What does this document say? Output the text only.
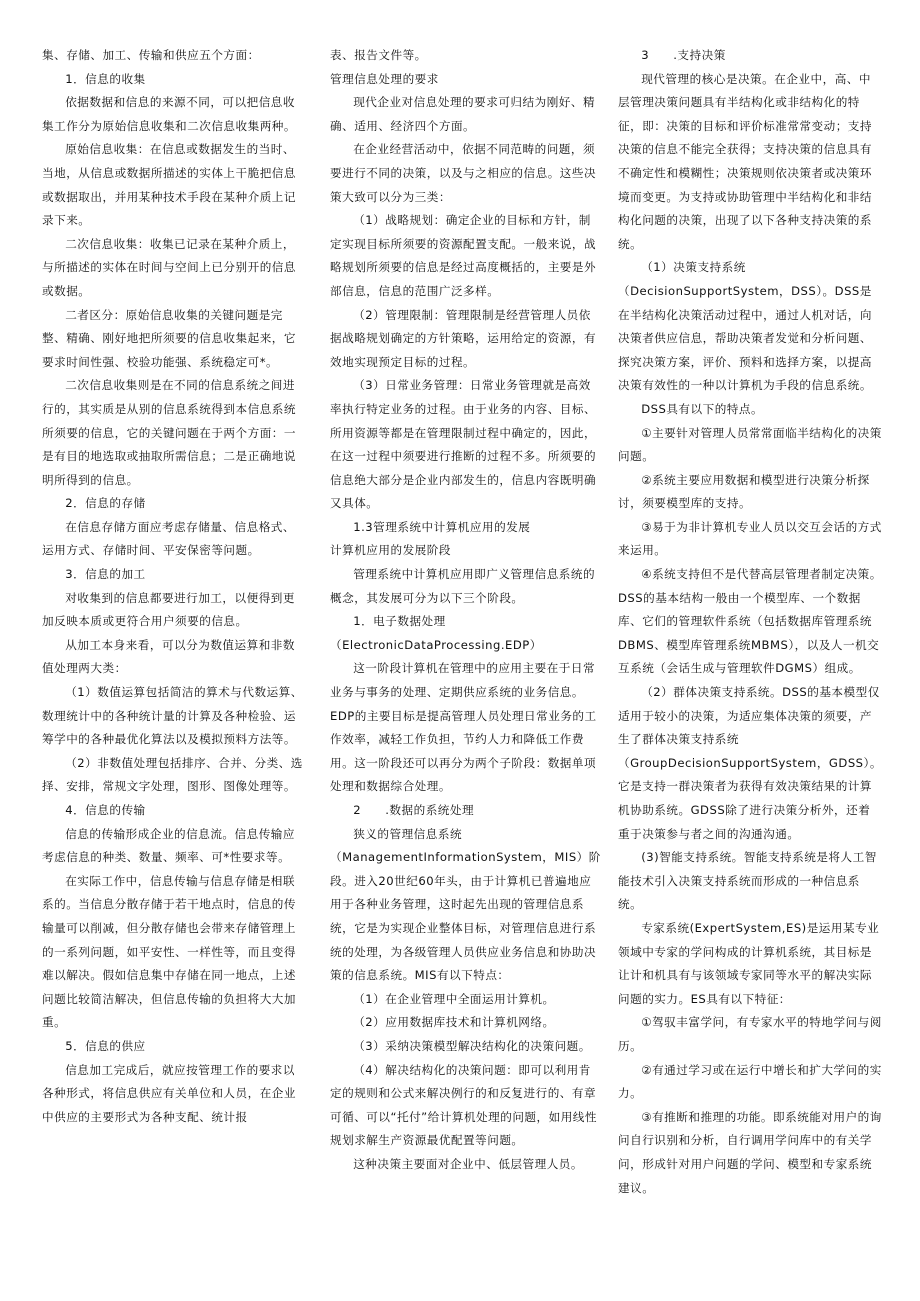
集、存储、加工、传输和供应五个方面：

1．信息的收集

依据数据和信息的来源不同，可以把信息收集工作分为原始信息收集和二次信息收集两种。

原始信息收集：在信息或数据发生的当时、当地，从信息或数据所描述的实体上干脆把信息或数据取出，并用某种技术手段在某种介质上记录下来。

二次信息收集：收集已记录在某种介质上，与所描述的实体在时间与空间上已分别开的信息或数据。

二者区分：原始信息收集的关键问题是完整、精确、刚好地把所须要的信息收集起来，它要求时间性强、校验功能强、系统稳定可*。

二次信息收集则是在不同的信息系统之间进行的，其实质是从别的信息系统得到本信息系统所须要的信息，它的关键问题在于两个方面：一是有目的地选取或抽取所需信息；二是正确地说明所得到的信息。

2．信息的存储

在信息存储方面应考虑存储量、信息格式、运用方式、存储时间、平安保密等问题。

3．信息的加工

对收集到的信息都要进行加工，以便得到更加反映本质或更符合用户须要的信息。

从加工本身来看，可以分为数值运算和非数值处理两大类：

（1）数值运算包括简洁的算术与代数运算、数理统计中的各种统计量的计算及各种检验、运筹学中的各种最优化算法以及模拟预料方法等。

（2）非数值处理包括排序、合并、分类、选择、安排，常规文字处理，图形、图像处理等。

4．信息的传输

信息的传输形成企业的信息流。信息传输应考虑信息的种类、数量、频率、可*性要求等。

在实际工作中，信息传输与信息存储是相联系的。当信息分散存储于若干地点时，信息的传输量可以削减，但分散存储也会带来存储管理上的一系列问题，如平安性、一样性等，而且变得难以解决。假如信息集中存储在同一地点，上述问题比较简洁解决，但信息传输的负担将大大加重。

5．信息的供应

信息加工完成后，就应按管理工作的要求以各种形式，将信息供应有关单位和人员，在企业中供应的主要形式为各种支配、统计报

表、报告文件等。

管理信息处理的要求

现代企业对信息处理的要求可归结为刚好、精确、适用、经济四个方面。

在企业经营活动中，依据不同范畴的问题，须要进行不同的决策，以及与之相应的信息。这些决策大致可以分为三类：

（1）战略规划：确定企业的目标和方针，制定实现目标所须要的资源配置支配。一般来说，战略规划所须要的信息是经过高度概括的，主要是外部信息，信息的范围广泛多样。

（2）管理限制：管理限制是经营管理人员依据战略规划确定的方针策略，运用给定的资源，有效地实现预定目标的过程。

（3）日常业务管理：日常业务管理就是高效率执行特定业务的过程。由于业务的内容、目标、所用资源等都是在管理限制过程中确定的，因此，在这一过程中须要进行推断的过程不多。所须要的信息绝大部分是企业内部发生的，信息内容既明确又具体。

1.3管理系统中计算机应用的发展

计算机应用的发展阶段

管理系统中计算机应用即广义管理信息系统的概念，其发展可分为以下三个阶段。

1．电子数据处理（ElectronicDataProcessing.EDP）

这一阶段计算机在管理中的应用主要在于日常业务与事务的处理、定期供应系统的业务信息。EDP的主要目标是提高管理人员处理日常业务的工作效率，减轻工作负担，节约人力和降低工作费用。这一阶段还可以再分为两个子阶段：数据单项处理和数据综合处理。

2　　.数据的系统处理

狭义的管理信息系统（ManagementInformationSystem，MIS）阶段。进入20世纪60年头，由于计算机已普遍地应用于各种业务管理，这时起先出现的管理信息系统，它是为实现企业整体目标，对管理信息进行系统的处理，为各级管理人员供应业务信息和协助决策的信息系统。MIS有以下特点：

（1）在企业管理中全面运用计算机。

（2）应用数据库技术和计算机网络。

（3）采纳决策模型解决结构化的决策问题。

（4）解决结构化的决策问题：即可以利用肯定的规则和公式来解决例行的和反复进行的、有章可循、可以“托付”给计算机处理的问题，如用线性规划求解生产资源最优配置等问题。

这种决策主要面对企业中、低层管理人员。

3　　.支持决策

现代管理的核心是决策。在企业中，高、中层管理决策问题具有半结构化或非结构化的特征，即：决策的目标和评价标准常常变动；支持决策的信息不能完全获得；支持决策的信息具有不确定性和模糊性；决策规则依决策者或决策环境而变更。为支持或协助管理中半结构化和非结构化问题的决策，出现了以下各种支持决策的系统。

（1）决策支持系统（DecisionSupportSystem，DSS）。DSS是在半结构化决策活动过程中，通过人机对话，向决策者供应信息，帮助决策者发觉和分析问题、探究决策方案，评价、预料和选择方案，以提高决策有效性的一种以计算机为手段的信息系统。

DSS具有以下的特点。

①主要针对管理人员常常面临半结构化的决策问题。

②系统主要应用数据和模型进行决策分析探讨，须要模型库的支持。

③易于为非计算机专业人员以交互会话的方式来运用。

④系统支持但不是代替高层管理者制定决策。DSS的基本结构一般由一个模型库、一个数据库、它们的管理软件系统（包括数据库管理系统DBMS、模型库管理系统MBMS），以及人一机交互系统（会话生成与管理软件DGMS）组成。

（2）群体决策支持系统。DSS的基本模型仅适用于较小的决策，为适应集体决策的须要，产生了群体决策支持系统（GroupDecisionSupportSystem，GDSS）。它是支持一群决策者为获得有效决策结果的计算机协助系统。GDSS除了进行决策分析外，还着重于决策参与者之间的沟通沟通。

(3)智能支持系统。智能支持系统是将人工智能技术引入决策支持系统而形成的一种信息系统。

专家系统(ExpertSystem,ES)是运用某专业领域中专家的学问构成的计算机系统，其目标是让计和机具有与该领域专家同等水平的解决实际问题的实力。ES具有以下特征：

①驾驭丰富学问，有专家水平的特地学问与阅历。

②有通过学习或在运行中增长和扩大学问的实力。

③有推断和推理的功能。即系统能对用户的询问自行识别和分析，自行调用学问库中的有关学问，形成针对用户问题的学问、模型和专家系统建议。
